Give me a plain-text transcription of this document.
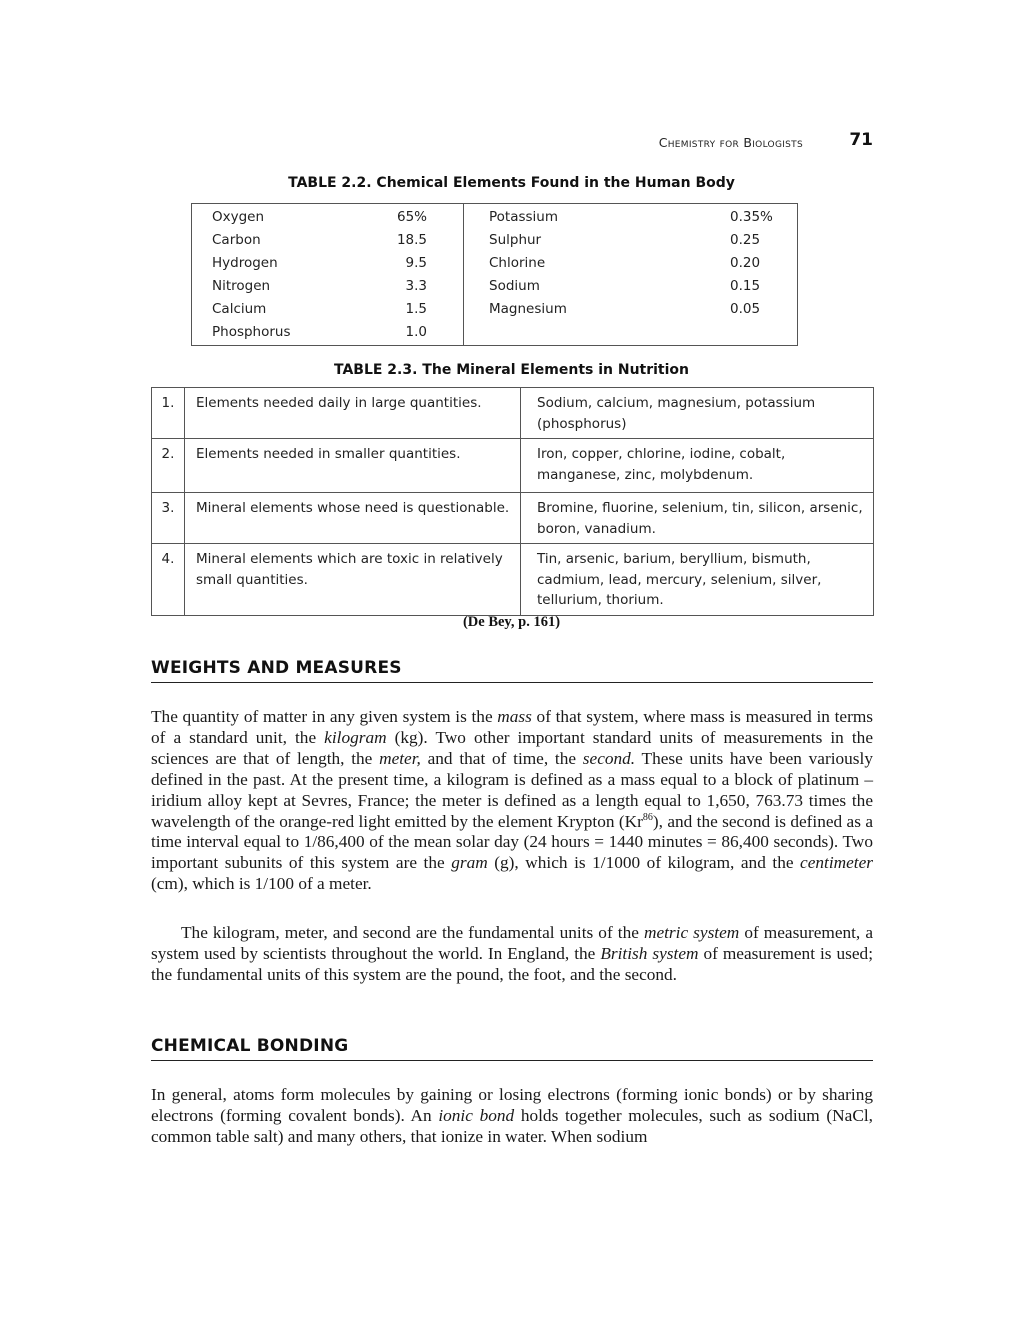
Chemistry for Biologists	71
TABLE 2.2. Chemical Elements Found in the Human Body
Oxygen	65%
Carbon	18.5
Hydrogen	9.5
Nitrogen	3.3
Calcium	1.5
Phosphorus	1.0
Potassium	0.35%
Sulphur	0.25
Chlorine	0.20
Sodium	0.15
Magnesium	0.05
TABLE 2.3. The Mineral Elements in Nutrition
1.	Elements needed daily in large quantities.	Sodium, calcium, magnesium, potassium (phosphorus)
2.	Elements needed in smaller quantities.	Iron, copper, chlorine, iodine, cobalt, manganese, zinc, molybdenum.
3.	Mineral elements whose need is questionable.	Bromine, fluorine, selenium, tin, silicon, arsenic, boron, vanadium.
4.	Mineral elements which are toxic in relatively small quantities.	Tin, arsenic, barium, beryllium, bismuth, cadmium, lead, mercury, selenium, silver, tellurium, thorium.
(De Bey, p. 161)
WEIGHTS AND MEASURES

The quantity of matter in any given system is the mass of that system, where mass is measured in terms of a standard unit, the kilogram (kg). Two other important standard units of measurements in the sciences are that of length, the meter, and that of time, the second. These units have been variously defined in the past. At the present time, a kilogram is defined as a mass equal to a block of platinum – iridium alloy kept at Sevres, France; the meter is defined as a length equal to 1,650, 763.73 times the wavelength of the orange-red light emitted by the element Krypton (Kr$^{86}$), and the second is defined as a time interval equal to 1/86,400 of the mean solar day (24 hours = 1440 minutes = 86,400 seconds). Two important subunits of this system are the gram (g), which is 1/1000 of kilogram, and the centimeter (cm), which is 1/100 of a meter.

The kilogram, meter, and second are the fundamental units of the metric system of measurement, a system used by scientists throughout the world. In England, the British system of measurement is used; the fundamental units of this system are the pound, the foot, and the second.

CHEMICAL BONDING

In general, atoms form molecules by gaining or losing electrons (forming ionic bonds) or by sharing electrons (forming covalent bonds). An ionic bond holds together molecules, such as sodium (NaCl, common table salt) and many others, that ionize in water. When sodium
